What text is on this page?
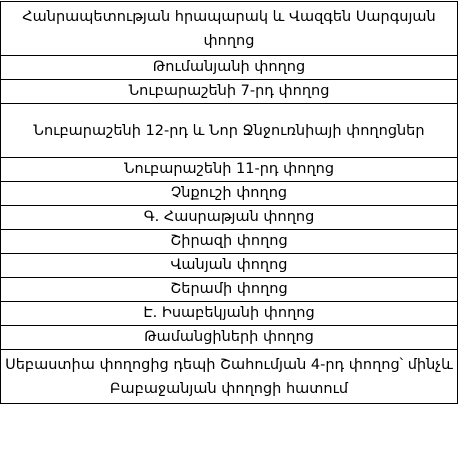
Հանրապետության հրապարակ և Վազգեն Սարգսյան փողոց
Թումանյանի փողոց
Նուբարաշենի 7-րդ փողոց
Նուբարաշենի 12-րդ և Նոր Ջնջուռնիայի փողոցներ
Նուբարաշենի 11-րդ փողոց
Չնքուշի փողոց
Գ. Հասրաթյան փողոց
Շիրազի փողոց
Վանյան փողոց
Շերամի փողոց
Է. Իսաբեկյանի փողոց
Թամանցիների փողոց
Սեբաստիա փողոցից դեպի Շահումյան 4-րդ փողոց՝ մինչև Բաբաջանյան փողոցի հատում
